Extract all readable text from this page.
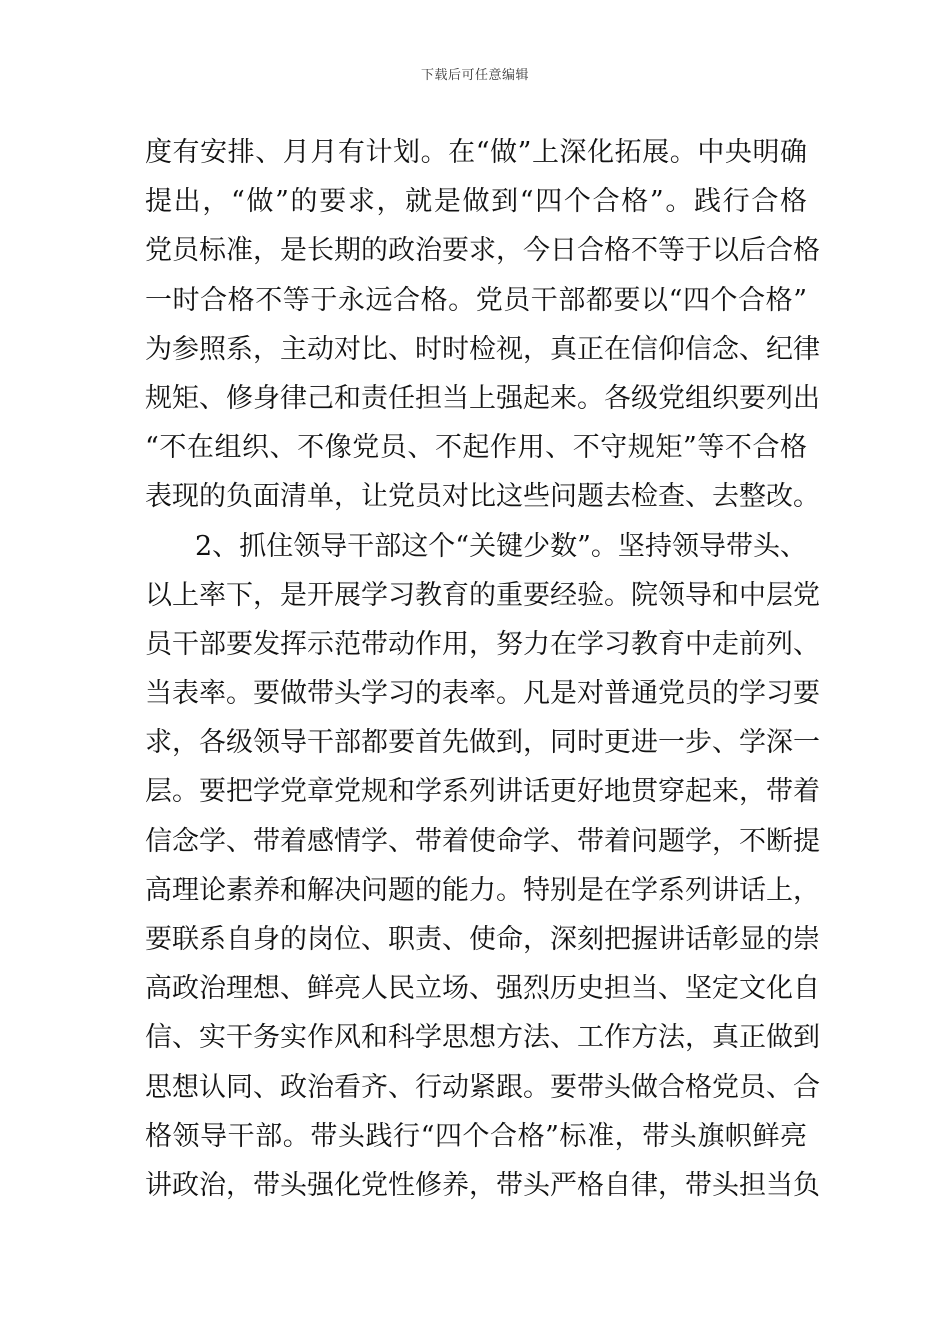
下载后可任意编辑
度有安排、月月有计划。在“做”上深化拓展。中央明确
提出，“做”的要求，就是做到“四个合格”。践行合格
党员标准，是长期的政治要求，今日合格不等于以后合格
一时合格不等于永远合格。党员干部都要以“四个合格”
为参照系，主动对比、时时检视，真正在信仰信念、纪律
规矩、修身律己和责任担当上强起来。各级党组织要列出
“不在组织、不像党员、不起作用、不守规矩”等不合格
表现的负面清单，让党员对比这些问题去检查、去整改。
2、抓住领导干部这个“关键少数”。坚持领导带头、
以上率下，是开展学习教育的重要经验。院领导和中层党
员干部要发挥示范带动作用，努力在学习教育中走前列、
当表率。要做带头学习的表率。凡是对普通党员的学习要
求，各级领导干部都要首先做到，同时更进一步、学深一
层。要把学党章党规和学系列讲话更好地贯穿起来，带着
信念学、带着感情学、带着使命学、带着问题学，不断提
高理论素养和解决问题的能力。特别是在学系列讲话上，
要联系自身的岗位、职责、使命，深刻把握讲话彰显的崇
高政治理想、鲜亮人民立场、强烈历史担当、坚定文化自
信、实干务实作风和科学思想方法、工作方法，真正做到
思想认同、政治看齐、行动紧跟。要带头做合格党员、合
格领导干部。带头践行“四个合格”标准，带头旗帜鲜亮
讲政治，带头强化党性修养，带头严格自律，带头担当负
